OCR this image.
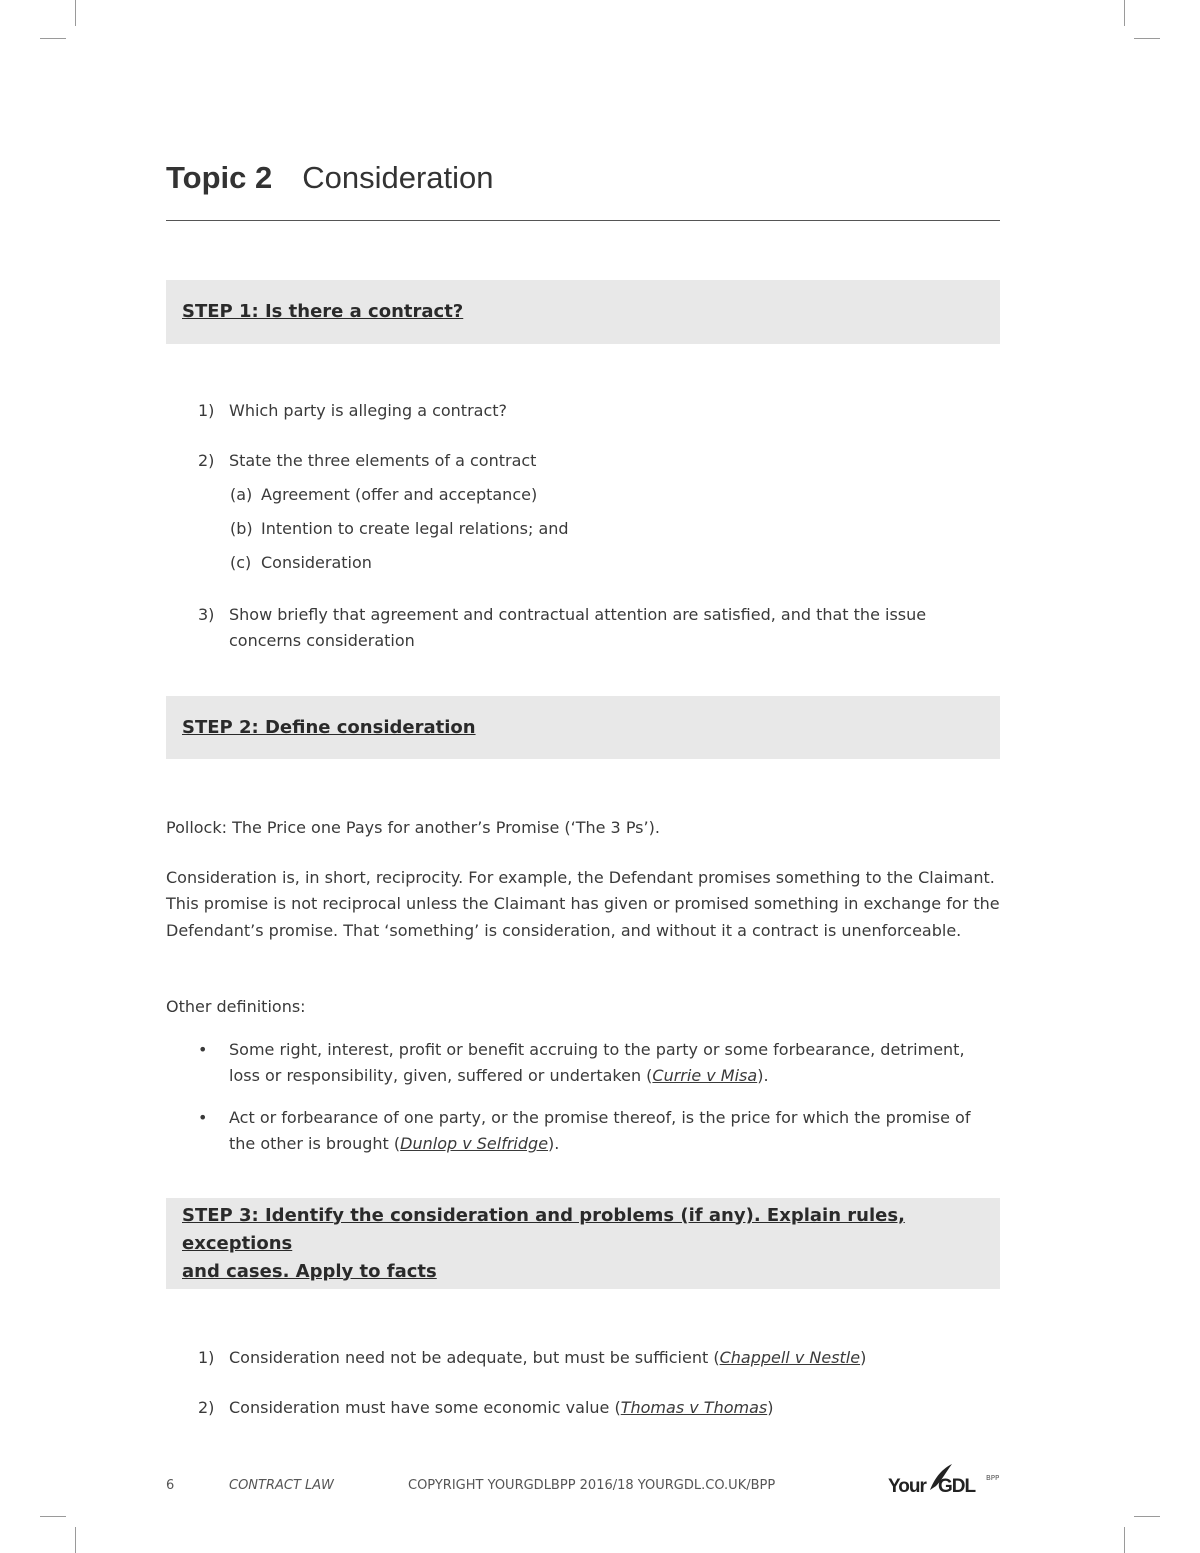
Topic 2 Consideration
STEP 1: Is there a contract?
1) Which party is alleging a contract?
2) State the three elements of a contract
(a) Agreement (offer and acceptance)
(b) Intention to create legal relations; and
(c) Consideration
3) Show briefly that agreement and contractual attention are satisfied, and that the issue concerns consideration
STEP 2: Define consideration
Pollock: The Price one Pays for another’s Promise (‘The 3 Ps’).
Consideration is, in short, reciprocity. For example, the Defendant promises something to the Claimant. This promise is not reciprocal unless the Claimant has given or promised something in exchange for the Defendant’s promise. That ‘something’ is consideration, and without it a contract is unenforceable.
Other definitions:
• Some right, interest, profit or benefit accruing to the party or some forbearance, detriment, loss or responsibility, given, suffered or undertaken (Currie v Misa).
• Act or forbearance of one party, or the promise thereof, is the price for which the promise of the other is brought (Dunlop v Selfridge).
STEP 3: Identify the consideration and problems (if any). Explain rules, exceptions
and cases. Apply to facts
1) Consideration need not be adequate, but must be sufficient (Chappell v Nestle)
2) Consideration must have some economic value (Thomas v Thomas)
6	CONTRACT LAW	COPYRIGHT YOURGDLBPP 2016/18 YOURGDL.CO.UK/BPP	Your GDL BPP
